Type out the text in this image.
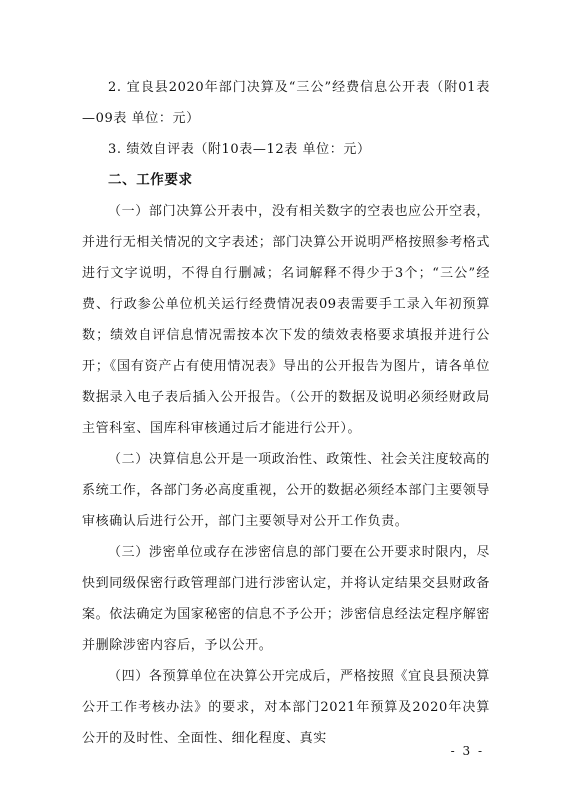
2. 宜良县2020年部门决算及“三公”经费信息公开表（附01表—09表 单位：元）

3. 绩效自评表（附10表—12表 单位：元）

二、工作要求

（一）部门决算公开表中，没有相关数字的空表也应公开空表，并进行无相关情况的文字表述；部门决算公开说明严格按照参考格式进行文字说明，不得自行删减；名词解释不得少于3个；“三公”经费、行政参公单位机关运行经费情况表09表需要手工录入年初预算数；绩效自评信息情况需按本次下发的绩效表格要求填报并进行公开；《国有资产占有使用情况表》导出的公开报告为图片，请各单位数据录入电子表后插入公开报告。（公开的数据及说明必须经财政局主管科室、国库科审核通过后才能进行公开）。

（二）决算信息公开是一项政治性、政策性、社会关注度较高的系统工作，各部门务必高度重视，公开的数据必须经本部门主要领导审核确认后进行公开，部门主要领导对公开工作负责。

（三）涉密单位或存在涉密信息的部门要在公开要求时限内，尽快到同级保密行政管理部门进行涉密认定，并将认定结果交县财政备案。依法确定为国家秘密的信息不予公开；涉密信息经法定程序解密并删除涉密内容后，予以公开。

（四）各预算单位在决算公开完成后，严格按照《宜良县预决算公开工作考核办法》的要求，对本部门2021年预算及2020年决算公开的及时性、全面性、细化程度、真实

- 3 -
